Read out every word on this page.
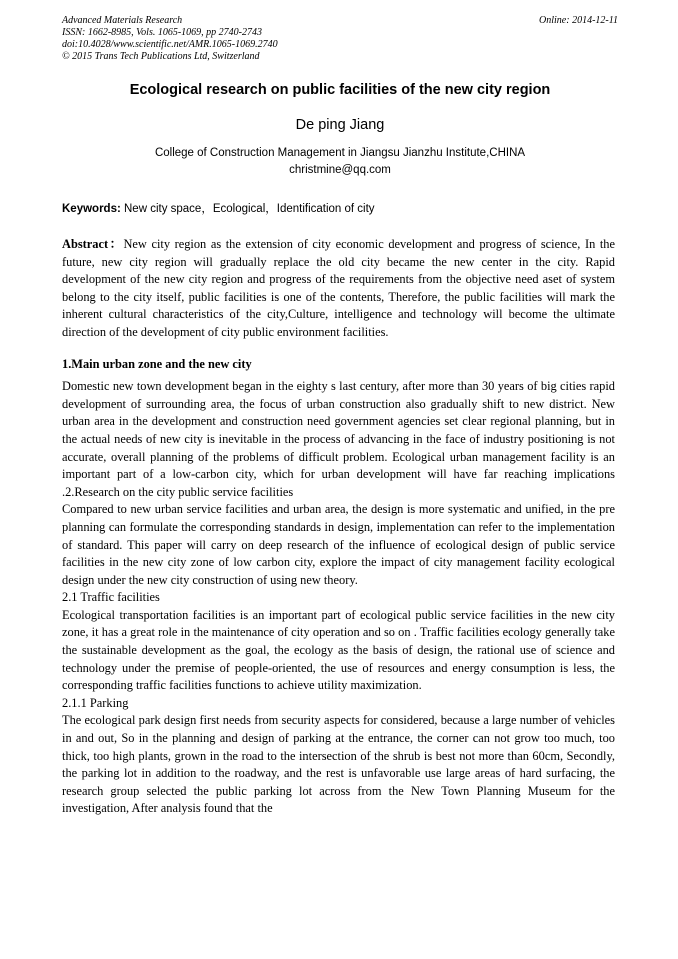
Advanced Materials Research
ISSN: 1662-8985, Vols. 1065-1069, pp 2740-2743
doi:10.4028/www.scientific.net/AMR.1065-1069.2740
© 2015 Trans Tech Publications Ltd, Switzerland
Online: 2014-12-11
Ecological research on public facilities of the new city region
De ping Jiang
College of Construction Management in Jiangsu Jianzhu Institute,CHINA
christmine@qq.com
Keywords: New city space，Ecological，Identification of city

Abstract：New city region as the extension of city economic development and progress of science, In the future, new city region will gradually replace the old city became the new center in the city. Rapid development of the new city region and progress of the requirements from the objective need aset of system belong to the city itself, public facilities is one of the contents, Therefore, the public facilities will mark the inherent cultural characteristics of the city,Culture, intelligence and technology will become the ultimate direction of the development of city public environment facilities.

1.Main urban zone and the new city

Domestic new town development began in the eighty s last century, after more than 30 years of big cities rapid development of surrounding area, the focus of urban construction also gradually shift to new district. New urban area in the development and construction need government agencies set clear regional planning, but in the actual needs of new city is inevitable in the process of advancing in the face of industry positioning is not accurate, overall planning of the problems of difficult problem. Ecological urban management facility is an important part of a low-carbon city, which for urban development will have far reaching implications .2.Research on the city public service facilities

Compared to new urban service facilities and urban area, the design is more systematic and unified, in the pre planning can formulate the corresponding standards in design, implementation can refer to the implementation of standard. This paper will carry on deep research of the influence of ecological design of public service facilities in the new city zone of low carbon city, explore the impact of city management facility ecological design under the new city construction of using new theory.

2.1 Traffic facilities

Ecological transportation facilities is an important part of ecological public service facilities in the new city zone, it has a great role in the maintenance of city operation and so on . Traffic facilities ecology generally take the sustainable development as the goal, the ecology as the basis of design, the rational use of science and technology under the premise of people-oriented, the use of resources and energy consumption is less, the corresponding traffic facilities functions to achieve utility maximization.

2.1.1 Parking

The ecological park design first needs from security aspects for considered, because a large number of vehicles in and out, So in the planning and design of parking at the entrance, the corner can not grow too much, too thick, too high plants, grown in the road to the intersection of the shrub is best not more than 60cm, Secondly, the parking lot in addition to the roadway, and the rest is unfavorable use large areas of hard surfacing, the research group selected the public parking lot across from the New Town Planning Museum for the investigation, After analysis found that the
